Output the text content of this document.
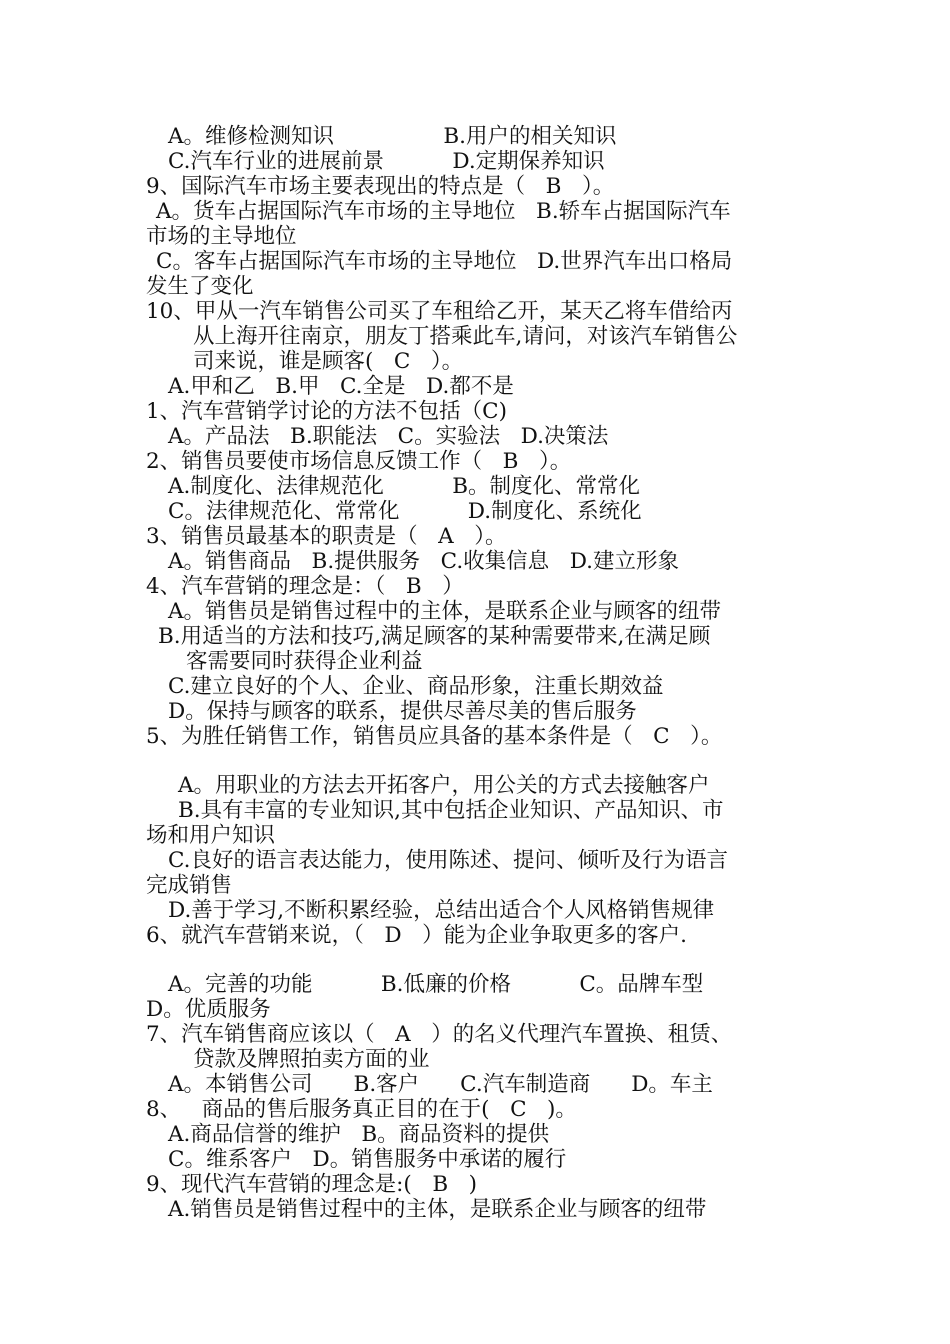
A。维修检测知识                B.用户的相关知识
C.汽车行业的进展前景          D.定期保养知识
9、国际汽车市场主要表现出的特点是（   B   ）。
A。货车占据国际汽车市场的主导地位   B.轿车占据国际汽车
市场的主导地位
C。客车占据国际汽车市场的主导地位   D.世界汽车出口格局
发生了变化
10、甲从一汽车销售公司买了车租给乙开，某天乙将车借给丙
从上海开往南京，朋友丁搭乘此车,请问，对该汽车销售公
司来说，谁是顾客(   C   ）。
A.甲和乙   B.甲   C.全是   D.都不是
1、汽车营销学讨论的方法不包括（C)
A。产品法   B.职能法   C。实验法   D.决策法
2、销售员要使市场信息反馈工作（   B   ）。
A.制度化、法律规范化          B。制度化、常常化
C。法律规范化、常常化          D.制度化、系统化
3、销售员最基本的职责是（   A   ）。
A。销售商品   B.提供服务   C.收集信息   D.建立形象
4、汽车营销的理念是：（   B   ）
A。销售员是销售过程中的主体，是联系企业与顾客的纽带
B.用适当的方法和技巧,满足顾客的某种需要带来,在满足顾
客需要同时获得企业利益
C.建立良好的个人、企业、商品形象，注重长期效益
D。保持与顾客的联系，提供尽善尽美的售后服务
5、为胜任销售工作，销售员应具备的基本条件是（   C   ）。
A。用职业的方法去开拓客户，用公关的方式去接触客户
B.具有丰富的专业知识,其中包括企业知识、产品知识、市
场和用户知识
C.良好的语言表达能力，使用陈述、提问、倾听及行为语言
完成销售
D.善于学习,不断积累经验，总结出适合个人风格销售规律
6、就汽车营销来说，（   D   ）能为企业争取更多的客户.
A。完善的功能          B.低廉的价格          C。品牌车型
D。优质服务
7、汽车销售商应该以（   A   ）的名义代理汽车置换、租赁、
贷款及牌照拍卖方面的业
A。本销售公司      B.客户      C.汽车制造商      D。车主
8、   商品的售后服务真正目的在于(   C   )。
A.商品信誉的维护   B。商品资料的提供
C。维系客户   D。销售服务中承诺的履行
9、现代汽车营销的理念是:(   B   )
A.销售员是销售过程中的主体，是联系企业与顾客的纽带
